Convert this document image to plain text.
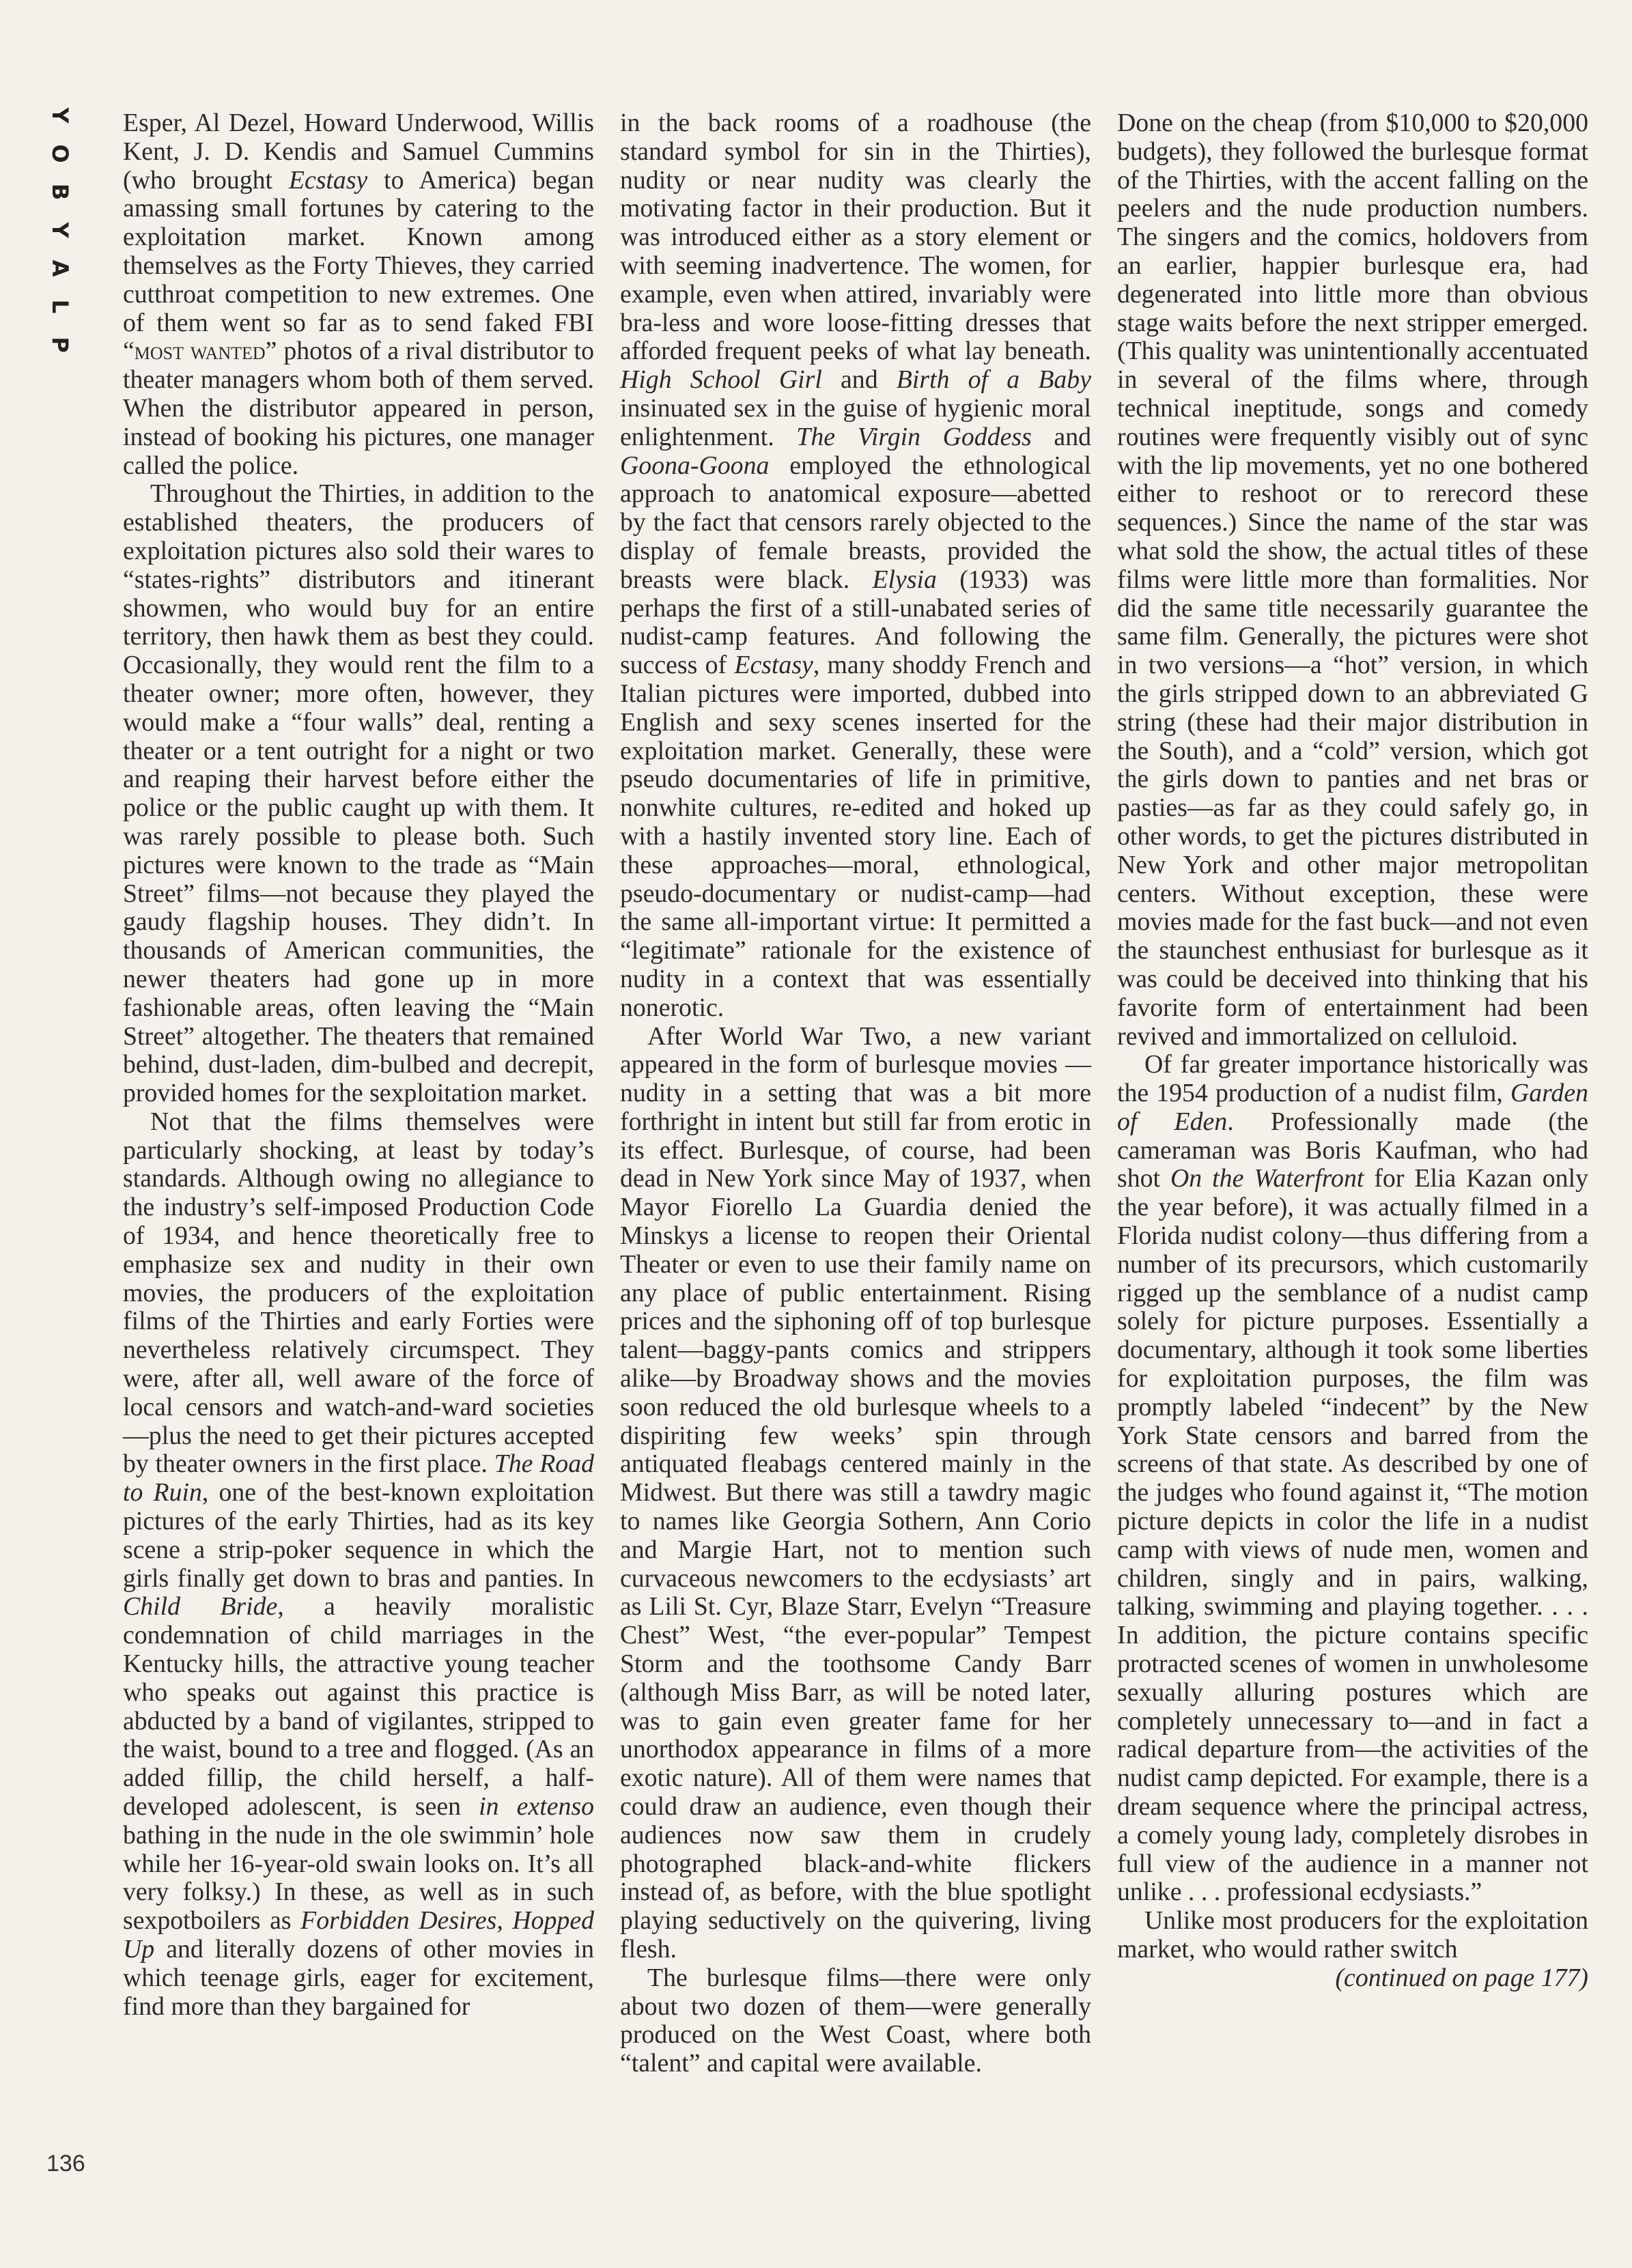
Y
O
B
Y
A
L
P

Esper, Al Dezel, Howard Underwood, Willis Kent, J. D. Kendis and Samuel Cummins (who brought Ecstasy to America) began amassing small fortunes by catering to the exploitation market. Known among themselves as the Forty Thieves, they carried cutthroat competition to new extremes. One of them went so far as to send faked FBI “most wanted” photos of a rival distributor to theater managers whom both of them served. When the distributor appeared in person, instead of booking his pictures, one manager called the police.

Throughout the Thirties, in addition to the established theaters, the producers of exploitation pictures also sold their wares to “states-rights” distributors and itinerant showmen, who would buy for an entire territory, then hawk them as best they could. Occasionally, they would rent the film to a theater owner; more often, however, they would make a “four walls” deal, renting a theater or a tent outright for a night or two and reaping their harvest before either the police or the public caught up with them. It was rarely possible to please both. Such pictures were known to the trade as “Main Street” films—not because they played the gaudy flagship houses. They didn’t. In thousands of American communities, the newer theaters had gone up in more fashionable areas, often leaving the “Main Street” altogether. The theaters that remained behind, dust-laden, dim-bulbed and decrepit, provided homes for the sexploitation market.

Not that the films themselves were particularly shocking, at least by today’s standards. Although owing no allegiance to the industry’s self-imposed Production Code of 1934, and hence theoretically free to emphasize sex and nudity in their own movies, the producers of the exploitation films of the Thirties and early Forties were nevertheless relatively circumspect. They were, after all, well aware of the force of local censors and watch-and-ward societies—plus the need to get their pictures accepted by theater owners in the first place. The Road to Ruin, one of the best-known exploitation pictures of the early Thirties, had as its key scene a strip-poker sequence in which the girls finally get down to bras and panties. In Child Bride, a heavily moralistic condemnation of child marriages in the Kentucky hills, the attractive young teacher who speaks out against this practice is abducted by a band of vigilantes, stripped to the waist, bound to a tree and flogged. (As an added fillip, the child herself, a half-developed adolescent, is seen in extenso bathing in the nude in the ole swimmin’ hole while her 16-year-old swain looks on. It’s all very folksy.) In these, as well as in such sexpotboilers as Forbidden Desires, Hopped Up and literally dozens of other movies in which teenage girls, eager for excitement, find more than they bargained for

in the back rooms of a roadhouse (the standard symbol for sin in the Thirties), nudity or near nudity was clearly the motivating factor in their production. But it was introduced either as a story element or with seeming inadvertence. The women, for example, even when attired, invariably were bra-less and wore loose-fitting dresses that afforded frequent peeks of what lay beneath. High School Girl and Birth of a Baby insinuated sex in the guise of hygienic moral enlightenment. The Virgin Goddess and Goona-Goona employed the ethnological approach to anatomical exposure—abetted by the fact that censors rarely objected to the display of female breasts, provided the breasts were black. Elysia (1933) was perhaps the first of a still-unabated series of nudist-camp features. And following the success of Ecstasy, many shoddy French and Italian pictures were imported, dubbed into English and sexy scenes inserted for the exploitation market. Generally, these were pseudo documentaries of life in primitive, nonwhite cultures, re-edited and hoked up with a hastily invented story line. Each of these approaches—moral, ethnological, pseudo-documentary or nudist-camp—had the same all-important virtue: It permitted a “legitimate” rationale for the existence of nudity in a context that was essentially nonerotic.

After World War Two, a new variant appeared in the form of burlesque movies —nudity in a setting that was a bit more forthright in intent but still far from erotic in its effect. Burlesque, of course, had been dead in New York since May of 1937, when Mayor Fiorello La Guardia denied the Minskys a license to reopen their Oriental Theater or even to use their family name on any place of public entertainment. Rising prices and the siphoning off of top burlesque talent—baggy-pants comics and strippers alike—by Broadway shows and the movies soon reduced the old burlesque wheels to a dispiriting few weeks’ spin through antiquated fleabags centered mainly in the Midwest. But there was still a tawdry magic to names like Georgia Sothern, Ann Corio and Margie Hart, not to mention such curvaceous newcomers to the ecdysiasts’ art as Lili St. Cyr, Blaze Starr, Evelyn “Treasure Chest” West, “the ever-popular” Tempest Storm and the toothsome Candy Barr (although Miss Barr, as will be noted later, was to gain even greater fame for her unorthodox appearance in films of a more exotic nature). All of them were names that could draw an audience, even though their audiences now saw them in crudely photographed black-and-white flickers instead of, as before, with the blue spotlight playing seductively on the quivering, living flesh.

The burlesque films—there were only about two dozen of them—were generally produced on the West Coast, where both “talent” and capital were available.

Done on the cheap (from $10,000 to $20,000 budgets), they followed the burlesque format of the Thirties, with the accent falling on the peelers and the nude production numbers. The singers and the comics, holdovers from an earlier, happier burlesque era, had degenerated into little more than obvious stage waits before the next stripper emerged. (This quality was unintentionally accentuated in several of the films where, through technical ineptitude, songs and comedy routines were frequently visibly out of sync with the lip movements, yet no one bothered either to reshoot or to rerecord these sequences.) Since the name of the star was what sold the show, the actual titles of these films were little more than formalities. Nor did the same title necessarily guarantee the same film. Generally, the pictures were shot in two versions—a “hot” version, in which the girls stripped down to an abbreviated G string (these had their major distribution in the South), and a “cold” version, which got the girls down to panties and net bras or pasties—as far as they could safely go, in other words, to get the pictures distributed in New York and other major metropolitan centers. Without exception, these were movies made for the fast buck—and not even the staunchest enthusiast for burlesque as it was could be deceived into thinking that his favorite form of entertainment had been revived and immortalized on celluloid.

Of far greater importance historically was the 1954 production of a nudist film, Garden of Eden. Professionally made (the cameraman was Boris Kaufman, who had shot On the Waterfront for Elia Kazan only the year before), it was actually filmed in a Florida nudist colony—thus differing from a number of its precursors, which customarily rigged up the semblance of a nudist camp solely for picture purposes. Essentially a documentary, although it took some liberties for exploitation purposes, the film was promptly labeled “indecent” by the New York State censors and barred from the screens of that state. As described by one of the judges who found against it, “The motion picture depicts in color the life in a nudist camp with views of nude men, women and children, singly and in pairs, walking, talking, swimming and playing together. . . . In addition, the picture contains specific protracted scenes of women in unwholesome sexually alluring postures which are completely unnecessary to—and in fact a radical departure from—the activities of the nudist camp depicted. For example, there is a dream sequence where the principal actress, a comely young lady, completely disrobes in full view of the audience in a manner not unlike . . . professional ecdysiasts.”

Unlike most producers for the exploitation market, who would rather switch

(continued on page 177)

136
